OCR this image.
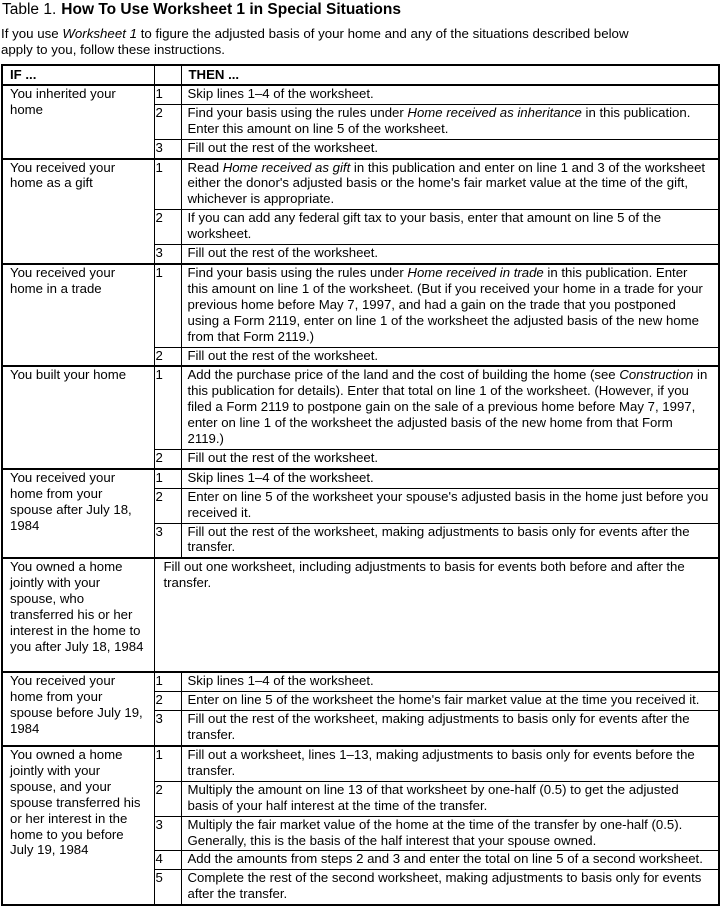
Table 1. How To Use Worksheet 1 in Special Situations

If you use Worksheet 1 to figure the adjusted basis of your home and any of the situations described below
apply to you, follow these instructions.

IF ...		THEN ...
You inherited your home	1	Skip lines 1–4 of the worksheet.
	2	Find your basis using the rules under Home received as inheritance in this publication. Enter this amount on line 5 of the worksheet.
	3	Fill out the rest of the worksheet.
You received your home as a gift	1	Read Home received as gift in this publication and enter on line 1 and 3 of the worksheet either the donor's adjusted basis or the home's fair market value at the time of the gift, whichever is appropriate.
	2	If you can add any federal gift tax to your basis, enter that amount on line 5 of the worksheet.
	3	Fill out the rest of the worksheet.
You received your home in a trade	1	Find your basis using the rules under Home received in trade in this publication. Enter this amount on line 1 of the worksheet. (But if you received your home in a trade for your previous home before May 7, 1997, and had a gain on the trade that you postponed using a Form 2119, enter on line 1 of the worksheet the adjusted basis of the new home from that Form 2119.)
	2	Fill out the rest of the worksheet.
You built your home	1	Add the purchase price of the land and the cost of building the home (see Construction in this publication for details). Enter that total on line 1 of the worksheet. (However, if you filed a Form 2119 to postpone gain on the sale of a previous home before May 7, 1997, enter on line 1 of the worksheet the adjusted basis of the new home from that Form 2119.)
	2	Fill out the rest of the worksheet.
You received your home from your spouse after July 18, 1984	1	Skip lines 1–4 of the worksheet.
	2	Enter on line 5 of the worksheet your spouse's adjusted basis in the home just before you received it.
	3	Fill out the rest of the worksheet, making adjustments to basis only for events after the transfer.
You owned a home jointly with your spouse, who transferred his or her interest in the home to you after July 18, 1984	Fill out one worksheet, including adjustments to basis for events both before and after the transfer.	
You received your home from your spouse before July 19, 1984	1	Skip lines 1–4 of the worksheet.
	2	Enter on line 5 of the worksheet the home's fair market value at the time you received it.
	3	Fill out the rest of the worksheet, making adjustments to basis only for events after the transfer.
You owned a home jointly with your spouse, and your spouse transferred his or her interest in the home to you before July 19, 1984	1	Fill out a worksheet, lines 1–13, making adjustments to basis only for events before the transfer.
	2	Multiply the amount on line 13 of that worksheet by one-half (0.5) to get the adjusted basis of your half interest at the time of the transfer.
	3	Multiply the fair market value of the home at the time of the transfer by one-half (0.5). Generally, this is the basis of the half interest that your spouse owned.
	4	Add the amounts from steps 2 and 3 and enter the total on line 5 of a second worksheet.
	5	Complete the rest of the second worksheet, making adjustments to basis only for events after the transfer.
